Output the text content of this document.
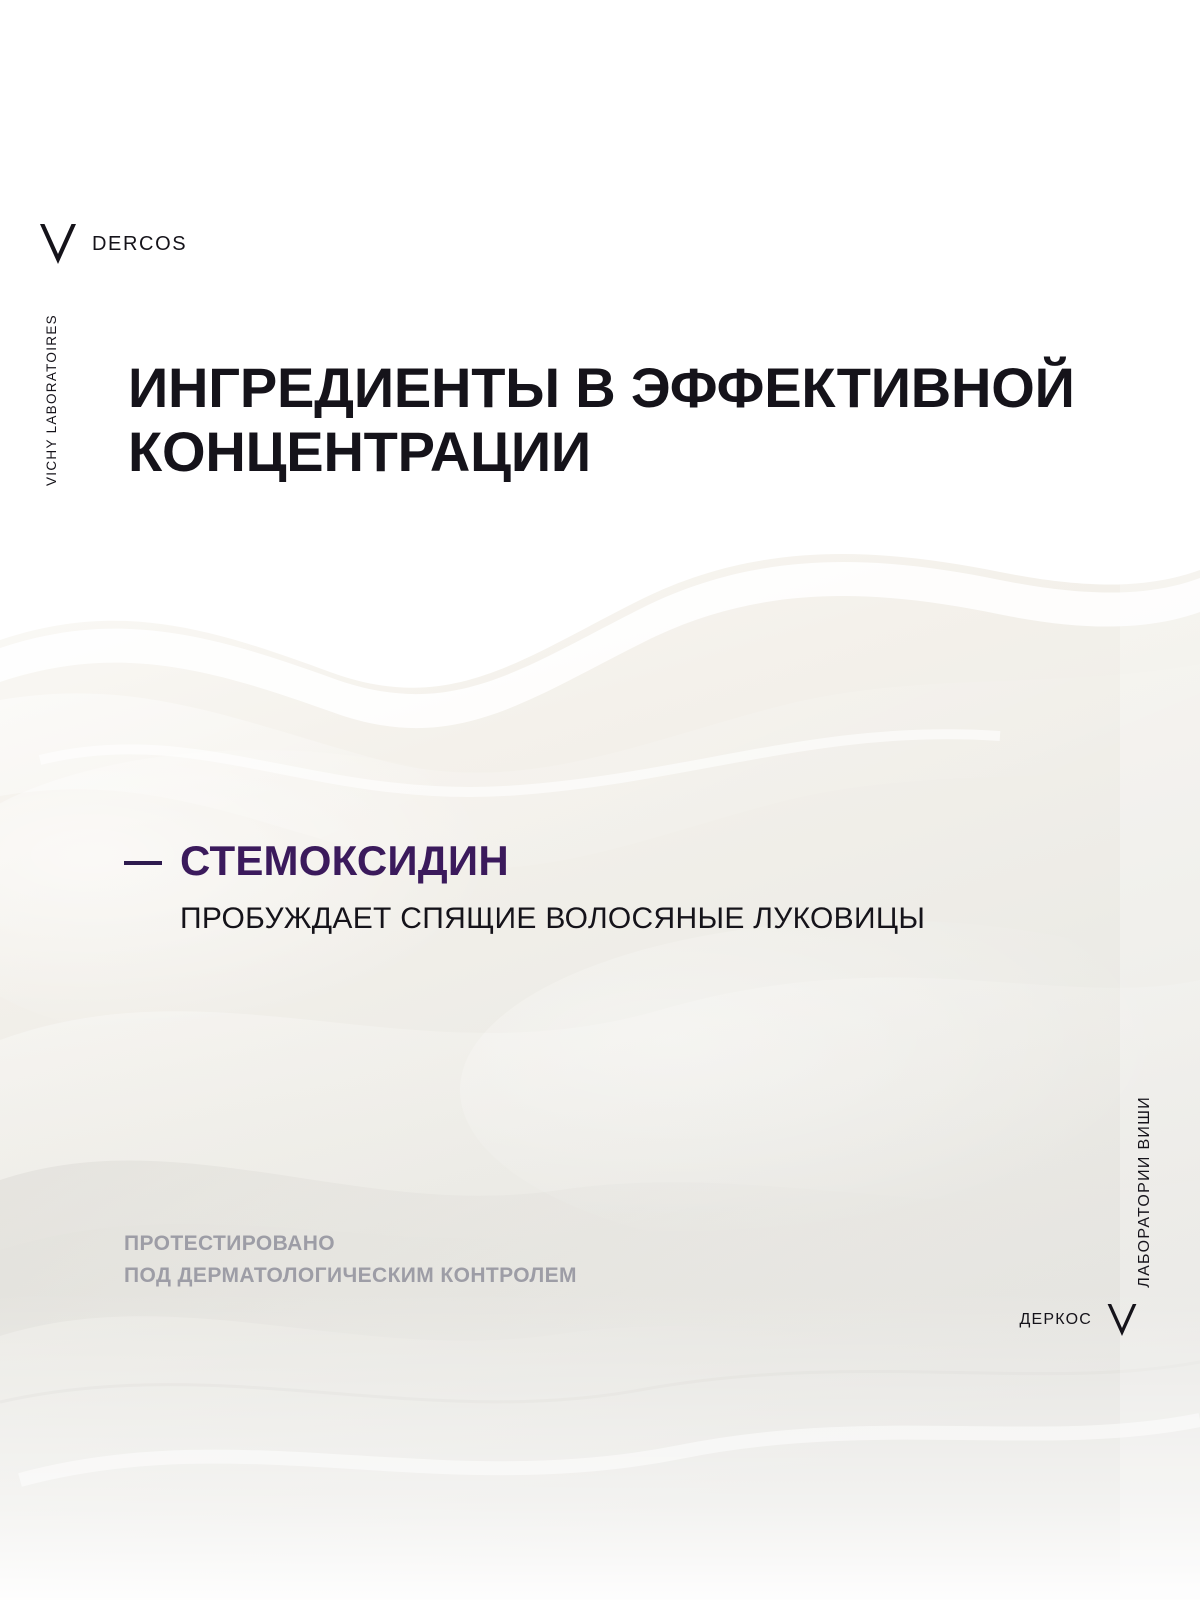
DERCOS
VICHY LABORATOIRES ИНГРЕДИЕНТЫ В ЭФФЕКТИВНОЙ КОНЦЕНТРАЦИИ
СТЕМОКСИДИН
ПРОБУЖДАЕТ СПЯЩИЕ ВОЛОСЯНЫЕ ЛУКОВИЦЫ
ПРОТЕСТИРОВАНО
ПОД ДЕРМАТОЛОГИЧЕСКИМ КОНТРОЛЕМ
ДЕРКОС
ЛАБОРАТОРИИ ВИШИ
